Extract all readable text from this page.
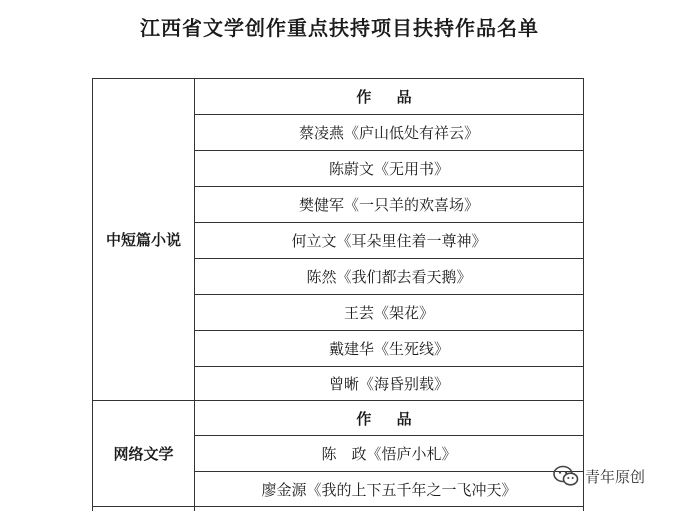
江西省文学创作重点扶持项目扶持作品名单
中短篇小说
作 品
蔡凌燕《庐山低处有祥云》
陈蔚文《无用书》
樊健军《一只羊的欢喜场》
何立文《耳朵里住着一尊神》
陈然《我们都去看天鹅》
王芸《架花》
戴建华《生死线》
曾晰《海昏别载》
网络文学
作 品
陈　政《悟庐小札》
廖金源《我的上下五千年之一飞冲天》
青年原创
